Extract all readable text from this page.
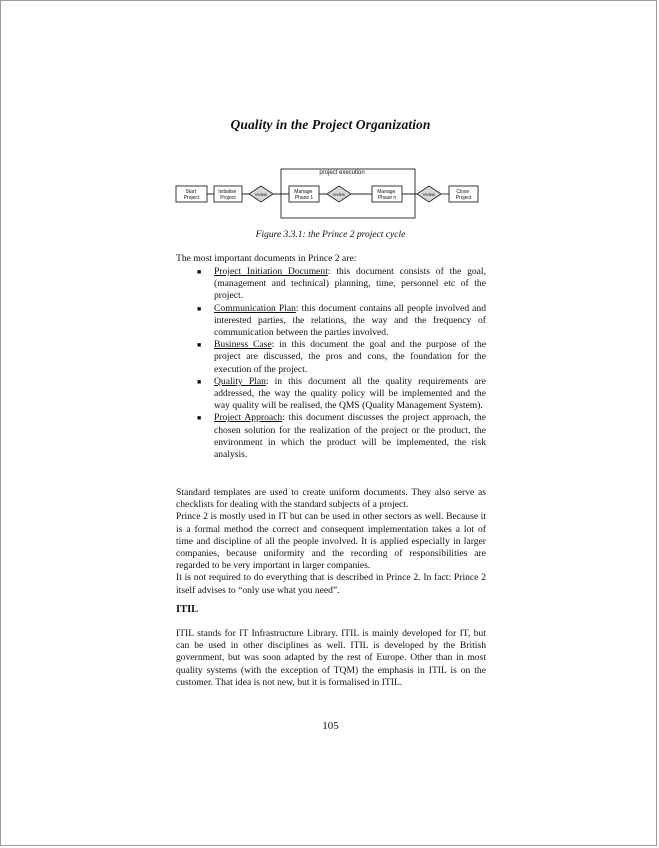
Quality in the Project Organization
project execution
Start Project
Initialise Project
review	Manage Phase 1
review	Manage Phase n
review	Close Project
Figure 3.3.1: the Prince 2 project cycle
The most important documents in Prince 2 are:
■ Project Initiation Document: this document consists of the goal, (management and technical) planning, time, personnel etc of the project.
■ Communication Plan: this document contains all people involved and interested parties, the relations, the way and the frequency of communication between the parties involved.
■ Business Case: in this document the goal and the purpose of the project are discussed, the pros and cons, the foundation for the execution of the project.
■ Quality Plan: in this document all the quality requirements are addressed, the way the quality policy will be implemented and the way quality will be realised, the QMS (Quality Management System).
■ Project Approach: this document discusses the project approach, the chosen solution for the realization of the project or the product, the environment in which the product will be implemented, the risk analysis.

Standard templates are used to create uniform documents. They also serve as checklists for dealing with the standard subjects of a project.

Prince 2 is mostly used in IT but can be used in other sectors as well. Because it is a formal method the correct and consequent implementation takes a lot of time and discipline of all the people involved. It is applied especially in larger companies, because uniformity and the recording of responsibilities are regarded to be very important in larger companies.

It is not required to do everything that is described in Prince 2. In fact: Prince 2 itself advises to “only use what you need”.

ITIL

ITIL stands for IT Infrastructure Library. ITIL is mainly developed for IT, but can be used in other disciplines as well. ITIL is developed by the British government, but was soon adapted by the rest of Europe. Other than in most quality systems (with the exception of TQM) the emphasis in ITIL is on the customer. That idea is not new, but it is formalised in ITIL.

105
